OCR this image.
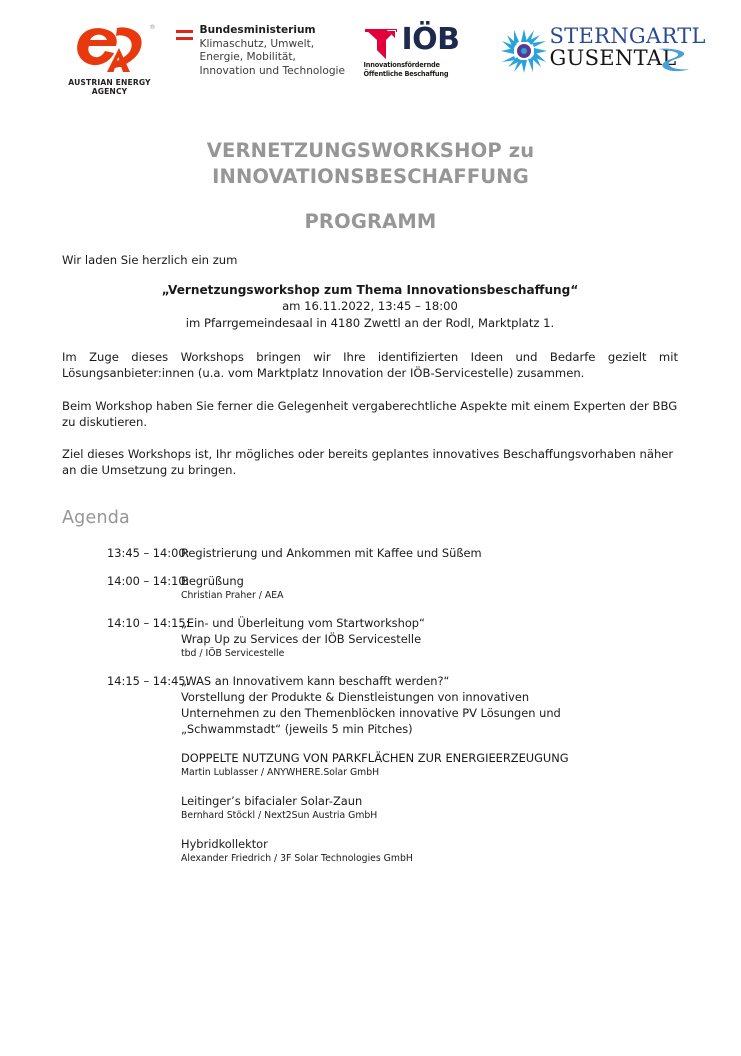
®
AUSTRIAN ENERGY AGENCY
Bundesministerium
Klimaschutz, Umwelt,
Energie, Mobilität,
Innovation und Technologie
IÖB
Innovationsfördernde
Öffentliche Beschaffung
STERNGARTL
GUSENTAL
VERNETZUNGSWORKSHOP zu
INNOVATIONSBESCHAFFUNG
PROGRAMM

Wir laden Sie herzlich ein zum

„Vernetzungsworkshop zum Thema Innovationsbeschaffung“
am 16.11.2022, 13:45 – 18:00
im Pfarrgemeindesaal in 4180 Zwettl an der Rodl, Marktplatz 1.

Im Zuge dieses Workshops bringen wir Ihre identifizierten Ideen und Bedarfe gezielt mit Lösungsanbieter:innen (u.a. vom Marktplatz Innovation der IÖB-Servicestelle) zusammen.

Beim Workshop haben Sie ferner die Gelegenheit vergaberechtliche Aspekte mit einem Experten der BBG zu diskutieren.

Ziel dieses Workshops ist, Ihr mögliches oder bereits geplantes innovatives Beschaffungsvorhaben näher an die Umsetzung zu bringen.

Agenda
13:45 – 14:00:
Registrierung und Ankommen mit Kaffee und Süßem
14:00 – 14:10:
Begrüßung
Christian Praher / AEA
14:10 – 14:15:
„Ein- und Überleitung vom Startworkshop“
Wrap Up zu Services der IÖB Servicestelle
tbd / IÖB Servicestelle
14:15 – 14:45:
„WAS an Innovativem kann beschafft werden?“
Vorstellung der Produkte & Dienstleistungen von innovativen
Unternehmen zu den Themenblöcken innovative PV Lösungen und
„Schwammstadt“ (jeweils 5 min Pitches)
DOPPELTE NUTZUNG VON PARKFLÄCHEN ZUR ENERGIEERZEUGUNG
Martin Lublasser / ANYWHERE.Solar GmbH
Leitinger’s bifacialer Solar-Zaun
Bernhard Stöckl / Next2Sun Austria GmbH
Hybridkollektor
Alexander Friedrich / 3F Solar Technologies GmbH
